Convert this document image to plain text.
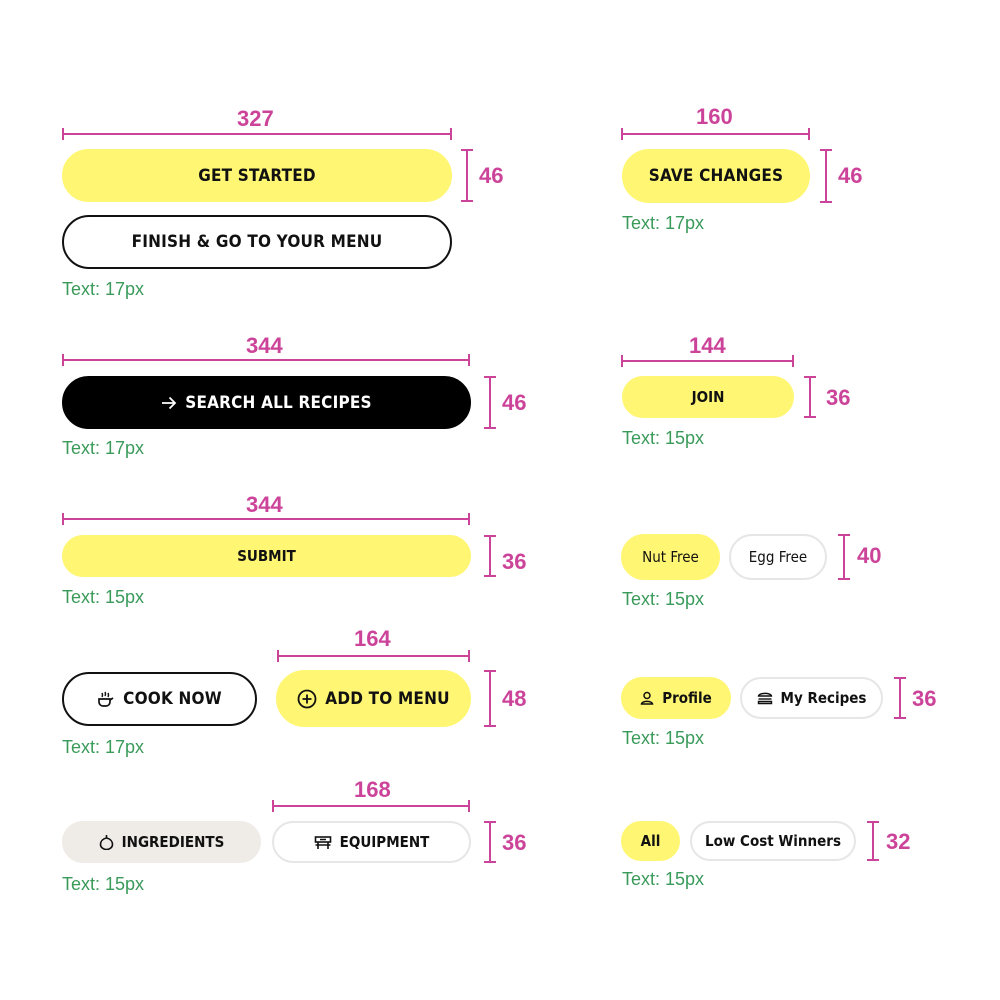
327
GET STARTED	46
FINISH & GO TO YOUR MENU
Text: 17px
344
SEARCH ALL RECIPES	46
Text: 17px
344
SUBMIT	36
Text: 15px
164
COOK NOW	ADD TO MENU 48
Text: 17px
168
INGREDIENTS	EQUIPMENT	36
Text: 15px
160
SAVE CHANGES 46
Text: 17px
144
JOIN	36
Text: 15px
Nut Free	Egg Free 40
Text: 15px
Profile	My Recipes 36
Text: 15px
All	Low Cost Winners 32
Text: 15px
